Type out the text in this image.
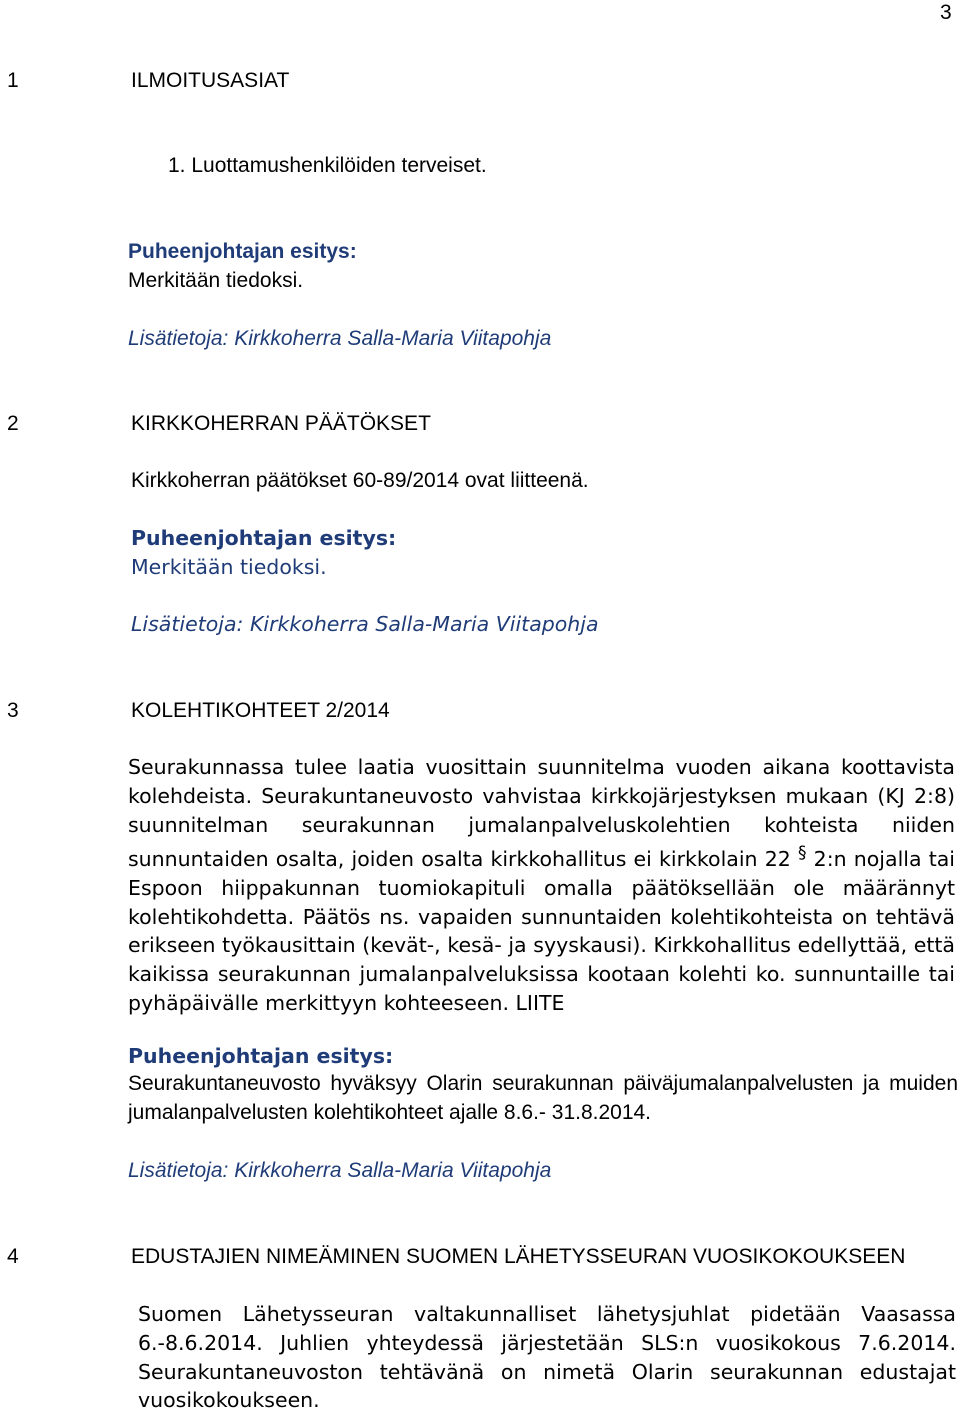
3
1	ILMOITUSASIAT
1. Luottamushenkilöiden terveiset.
Puheenjohtajan esitys:
Merkitään tiedoksi.
Lisätietoja: Kirkkoherra Salla-Maria Viitapohja
2	KIRKKOHERRAN PÄÄTÖKSET
Kirkkoherran päätökset 60-89/2014 ovat liitteenä.
Puheenjohtajan esitys:
Merkitään tiedoksi.
Lisätietoja: Kirkkoherra Salla-Maria Viitapohja
3	KOLEHTIKOHTEET 2/2014
Seurakunnassa tulee laatia vuosittain suunnitelma vuoden aikana koottavista kolehdeista. Seurakuntaneuvosto vahvistaa kirkkojärjestyksen mukaan (KJ 2:8) suunnitelman seurakunnan jumalanpalveluskolehtien kohteista niiden sunnuntaiden osalta, joiden osalta kirkkohallitus ei kirkkolain 22 § 2:n nojalla tai Espoon hiippakunnan tuomiokapituli omalla päätöksellään ole määrännyt kolehtikohdetta. Päätös ns. vapaiden sunnuntaiden kolehtikohteista on tehtävä erikseen työkausittain (kevät-, kesä- ja syyskausi). Kirkkohallitus edellyttää, että kaikissa seurakunnan jumalanpalveluksissa kootaan kolehti ko. sunnuntaille tai pyhäpäivälle merkittyyn kohteeseen. LIITE
Puheenjohtajan esitys:
Seurakuntaneuvosto hyväksyy Olarin seurakunnan päiväjumalanpalvelusten ja muiden jumalanpalvelusten kolehtikohteet ajalle 8.6.- 31.8.2014.
Lisätietoja: Kirkkoherra Salla-Maria Viitapohja
4	EDUSTAJIEN NIMEÄMINEN SUOMEN LÄHETYSSEURAN VUOSIKOKOUKSEEN
Suomen Lähetysseuran valtakunnalliset lähetysjuhlat pidetään Vaasassa 6.-8.6.2014. Juhlien yhteydessä järjestetään SLS:n vuosikokous 7.6.2014. Seurakuntaneuvoston tehtävänä on nimetä Olarin seurakunnan edustajat vuosikokoukseen.
